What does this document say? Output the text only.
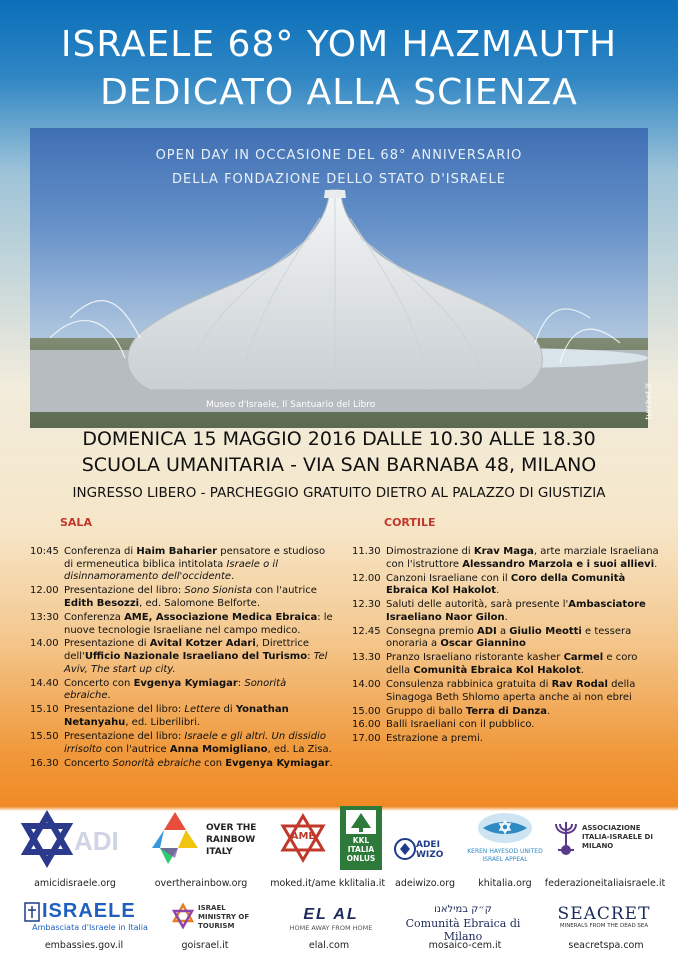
ISRAELE 68° YOM HAZMAUTH
DEDICATO ALLA SCIENZA
OPEN DAY IN OCCASIONE DEL 68° ANNIVERSARIO
DELLA FONDAZIONE DELLO STATO D'ISRAELE
Museo d'Israele, Il Santuario del Libro	turchet.it
DOMENICA 15 MAGGIO 2016 DALLE 10.30 ALLE 18.30
SCUOLA UMANITARIA - VIA SAN BARNABA 48, MILANO
INGRESSO LIBERO - PARCHEGGIO GRATUITO DIETRO AL PALAZZO DI GIUSTIZIA
SALA	CORTILE
10:45 Conferenza di Haim Baharier pensatore e studioso di ermeneutica biblica intitolata Israele o il disinnamoramento dell'occidente.
12.00 Presentazione del libro: Sono Sionista con l'autrice Edith Besozzi, ed. Salomone Belforte.
13:30 Conferenza AME, Associazione Medica Ebraica: le nuove tecnologie Israeliane nel campo medico.
14.00 Presentazione di Avital Kotzer Adari, Direttrice dell'Ufficio Nazionale Israeliano del Turismo: Tel Aviv, The start up city.
14.40 Concerto con Evgenya Kymiagar: Sonorità ebraiche.
15.10 Presentazione del libro: Lettere di Yonathan Netanyahu, ed. Liberilibri.
15.50 Presentazione del libro: Israele e gli altri. Un dissidio irrisolto con l'autrice Anna Momigliano, ed. La Zisa.
16.30 Concerto Sonorità ebraiche con Evgenya Kymiagar.
11.30 Dimostrazione di Krav Maga, arte marziale Israeliana con l'istruttore Alessandro Marzola e i suoi allievi.
12.00 Canzoni Israeliane con il Coro della Comunità Ebraica Kol Hakolot.
12.30 Saluti delle autorità, sarà presente l'Ambasciatore Israeliano Naor Gilon.
12.45 Consegna premio ADI a Giulio Meotti e tessera onoraria a Oscar Giannino
13.30 Pranzo Israeliano ristorante kasher Carmel e coro della Comunità Ebraica Kol Hakolot.
14.00 Consulenza rabbinica gratuita di Rav Rodal della Sinagoga Beth Shlomo aperta anche ai non ebrei
15.00 Gruppo di ballo Terra di Danza.
16.00 Balli Israeliani con il pubblico.
17.00 Estrazione a premi.
ADI
amicidisraele.org
OVER THE RAINBOW ITALY
overtherainbow.org
AME
moked.it/ame
KKL ITALIA ONLUS
kklitalia.it
ADEI WIZO
adeiwizo.org
KEREN HAYESOD UNITED ISRAEL APPEAL
khitalia.org
ASSOCIAZIONE ITALIA-ISRAELE DI MILANO
federazioneitaliaisraele.it
ISRAELE
Ambasciata d'Israele in Italia
embassies.gov.il
ISRAEL MINISTRY OF TOURISM
goisrael.it
EL AL
HOME AWAY FROM HOME
elal.com
ק״ק במילאנו
Comunità Ebraica di Milano
mosaico-cem.it
SEACRET
MINERALS FROM THE DEAD SEA
seacretspa.com
